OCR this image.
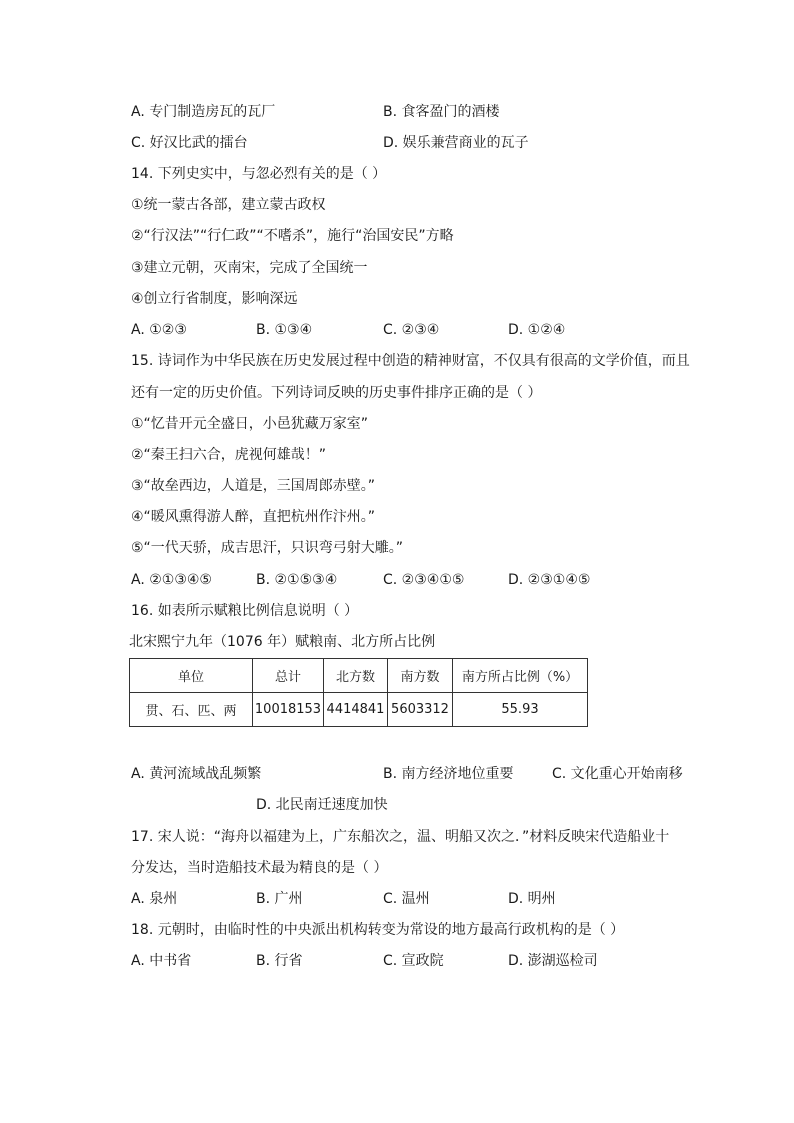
A. 专门制造房瓦的瓦厂	B. 食客盈门的酒楼
C. 好汉比武的擂台	D. 娱乐兼营商业的瓦子
14. 下列史实中，与忽必烈有关的是（ ）
①统一蒙古各部，建立蒙古政权
②“行汉法”“行仁政”“不嗜杀”，施行“治国安民”方略
③建立元朝，灭南宋，完成了全国统一
④创立行省制度，影响深远
A. ①②③	B. ①③④	C. ②③④	D. ①②④
15. 诗词作为中华民族在历史发展过程中创造的精神财富，不仅具有很高的文学价值，而且
还有一定的历史价值。下列诗词反映的历史事件排序正确的是（ ）
①“忆昔开元全盛日，小邑犹藏万家室”
②“秦王扫六合，虎视何雄哉！”
③“故垒西边，人道是，三国周郎赤壁。”
④“暖风熏得游人醉，直把杭州作汴州。”
⑤“一代天骄，成吉思汗，只识弯弓射大雕。”
A. ②①③④⑤	B. ②①⑤③④	C. ②③④①⑤	D. ②③①④⑤
16. 如表所示赋粮比例信息说明（ ）
北宋熙宁九年（1076 年）赋粮南、北方所占比例
单位	总计	北方数	南方数	南方所占比例（%）
贯、石、匹、两	10018153	4414841	5603312	55.93
A. 黄河流域战乱频繁	B. 南方经济地位重要	C. 文化重心开始南移
D. 北民南迁速度加快
17. 宋人说：“海舟以福建为上，广东船次之，温、明船又次之．”材料反映宋代造船业十
分发达，当时造船技术最为精良的是（ ）
A. 泉州	B. 广州	C. 温州	D. 明州
18. 元朝时，由临时性的中央派出机构转变为常设的地方最高行政机构的是（ ）
A. 中书省	B. 行省	C. 宣政院	D. 澎湖巡检司
